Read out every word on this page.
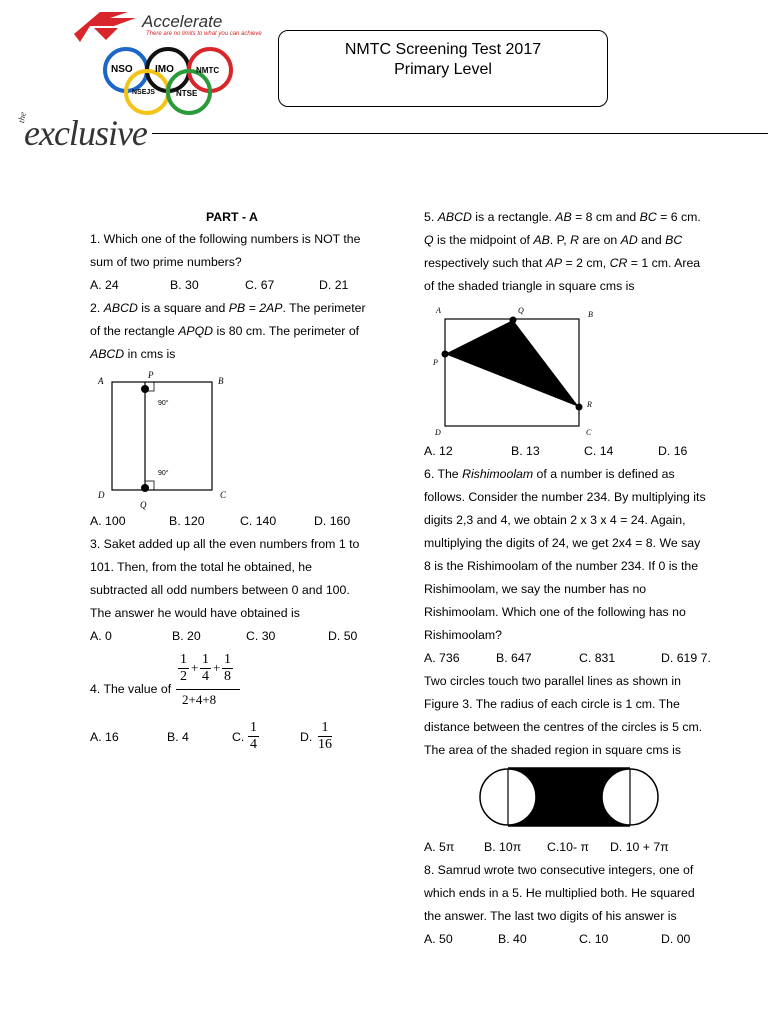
Accelerate
There are no limits to what you can achieve
NSO IMO	NMTC
NSEJS	NTSE
the
exclusive
NMTC Screening Test 2017
Primary Level
PART - A
1. Which one of the following numbers is NOT the
sum of two prime numbers?
A. 24	B. 30	C. 67	D. 21
2. ABCD is a square and PB = 2AP. The perimeter
of the rectangle APQD is 80 cm. The perimeter of
ABCD in cms is
A
P
B
90°
90°
D
Q
C
A. 100	B. 120	C. 140	D. 160
3. Saket added up all the even numbers from 1 to
101. Then, from the total he obtained, he
subtracted all odd numbers between 0 and 100.
The answer he would have obtained is
A. 0	B. 20	C. 30	D. 50
4. The value of
$\frac{1}{2} + \frac{1}{4} + \frac{1}{8}$
2+4+8
A. 16	B. 4	C. $\frac{1}{4}$	D. $\frac{1}{16}$
5. ABCD is a rectangle. AB = 8 cm and BC = 6 cm.
Q is the midpoint of AB. P, R are on AD and BC
respectively such that AP = 2 cm, CR = 1 cm. Area
of the shaded triangle in square cms is
A	Q	B
P
R
D	C
A. 12	B. 13	C. 14	D. 16
6. The Rishimoolam of a number is defined as
follows. Consider the number 234. By multiplying its
digits 2,3 and 4, we obtain 2 x 3 x 4 = 24. Again,
multiplying the digits of 24, we get 2x4 = 8. We say
8 is the Rishimoolam of the number 234. If 0 is the
Rishimoolam, we say the number has no
Rishimoolam. Which one of the following has no
Rishimoolam?
A. 736	B. 647	C. 831	D. 619 7.
Two circles touch two parallel lines as shown in
Figure 3. The radius of each circle is 1 cm. The
distance between the centres of the circles is 5 cm.
The area of the shaded region in square cms is
A. 5π B. 10π C.10- π D. 10 + 7π
8. Samrud wrote two consecutive integers, one of
which ends in a 5. He multiplied both. He squared
the answer. The last two digits of his answer is
A. 50	B. 40	C. 10	D. 00
